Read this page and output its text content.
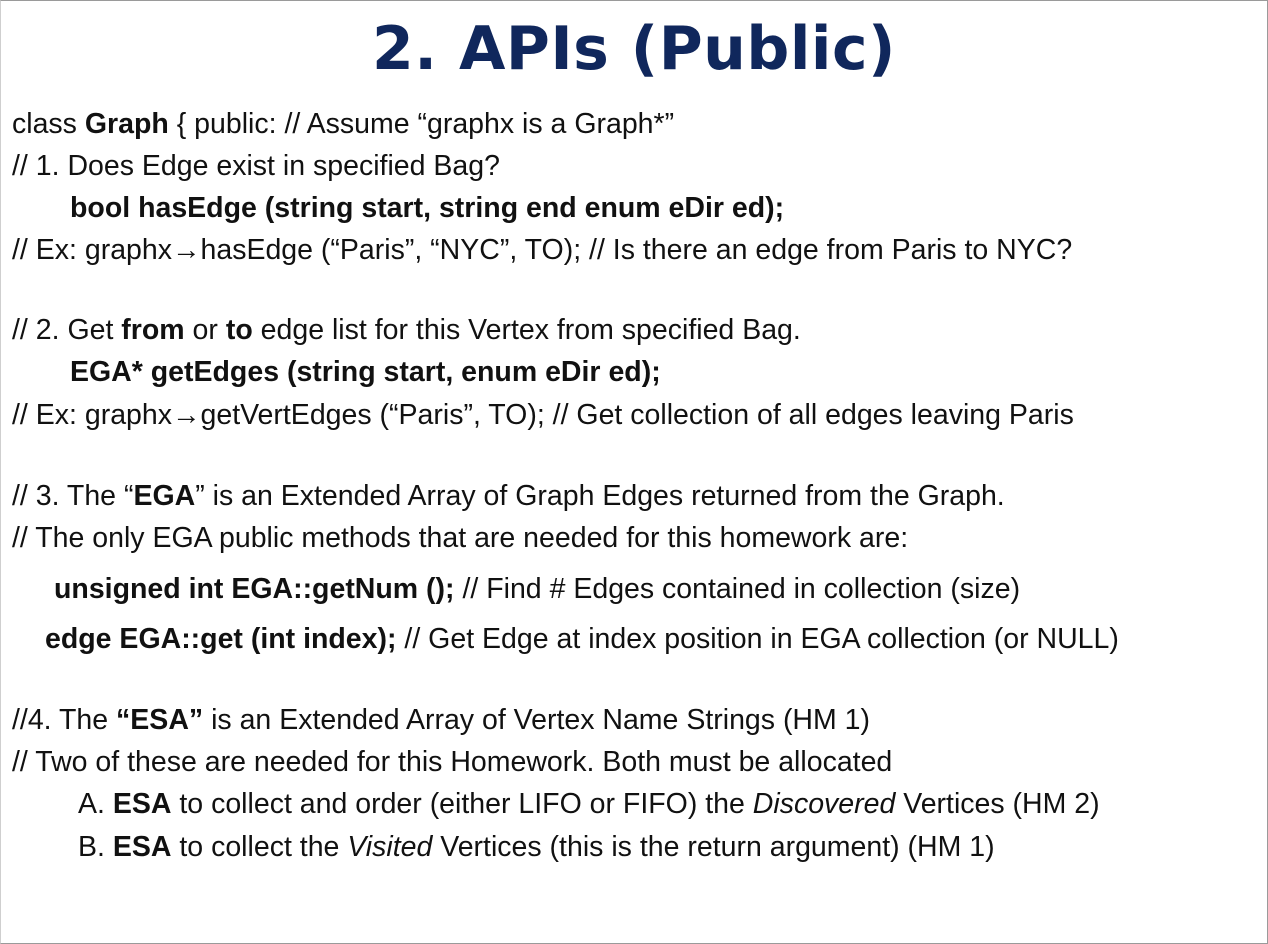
2. APIs (Public)
class Graph { public: // Assume “graphx is a Graph*”
// 1. Does Edge exist in specified Bag?
bool hasEdge (string start, string end enum eDir ed);
// Ex: graphx→hasEdge (“Paris”, “NYC”, TO); // Is there an edge from Paris to NYC?
// 2. Get from or to edge list for this Vertex from specified Bag.
EGA* getEdges (string start, enum eDir ed);
// Ex: graphx→getVertEdges (“Paris”, TO); // Get collection of all edges leaving Paris
// 3. The “EGA” is an Extended Array of Graph Edges returned from the Graph.
// The only EGA public methods that are needed for this homework are:
unsigned int EGA::getNum (); // Find # Edges contained in collection (size)
edge EGA::get (int index); // Get Edge at index position in EGA collection (or NULL)
//4. The “ESA” is an Extended Array of Vertex Name Strings (HM 1)
// Two of these are needed for this Homework. Both must be allocated
A. ESA to collect and order (either LIFO or FIFO) the Discovered Vertices (HM 2)
B. ESA to collect the Visited Vertices (this is the return argument) (HM 1)
